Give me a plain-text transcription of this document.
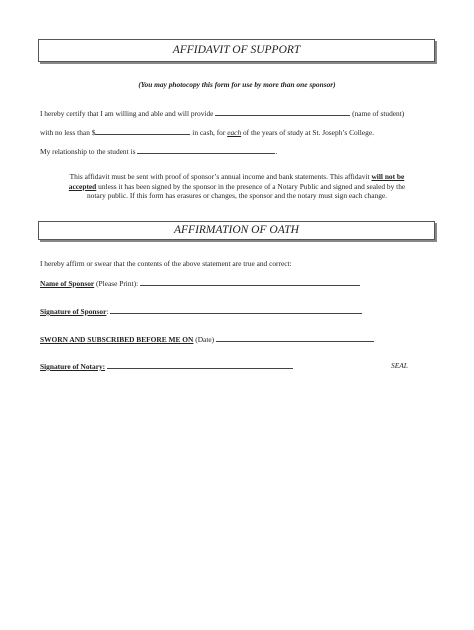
AFFIDAVIT OF SUPPORT
(You may photocopy this form for use by more than one sponsor)
I hereby certify that I am willing and able and will provide	(name of student)
with no less than $	in cash, for each of the years of study at St. Joseph’s College.
My relationship to the student is	.
This affidavit must be sent with proof of sponsor’s annual income and bank statements. This affidavit will not be
accepted unless it has been signed by the sponsor in the presence of a Notary Public and signed and sealed by the
notary public. If this form has erasures or changes, the sponsor and the notary must sign each change.
AFFIRMATION OF OATH
I hereby affirm or swear that the contents of the above statement are true and correct:
Name of Sponsor (Please Print):
Signature of Sponsor:
SWORN AND SUBSCRIBED BEFORE ME ON (Date)
Signature of Notary:	SEAL
